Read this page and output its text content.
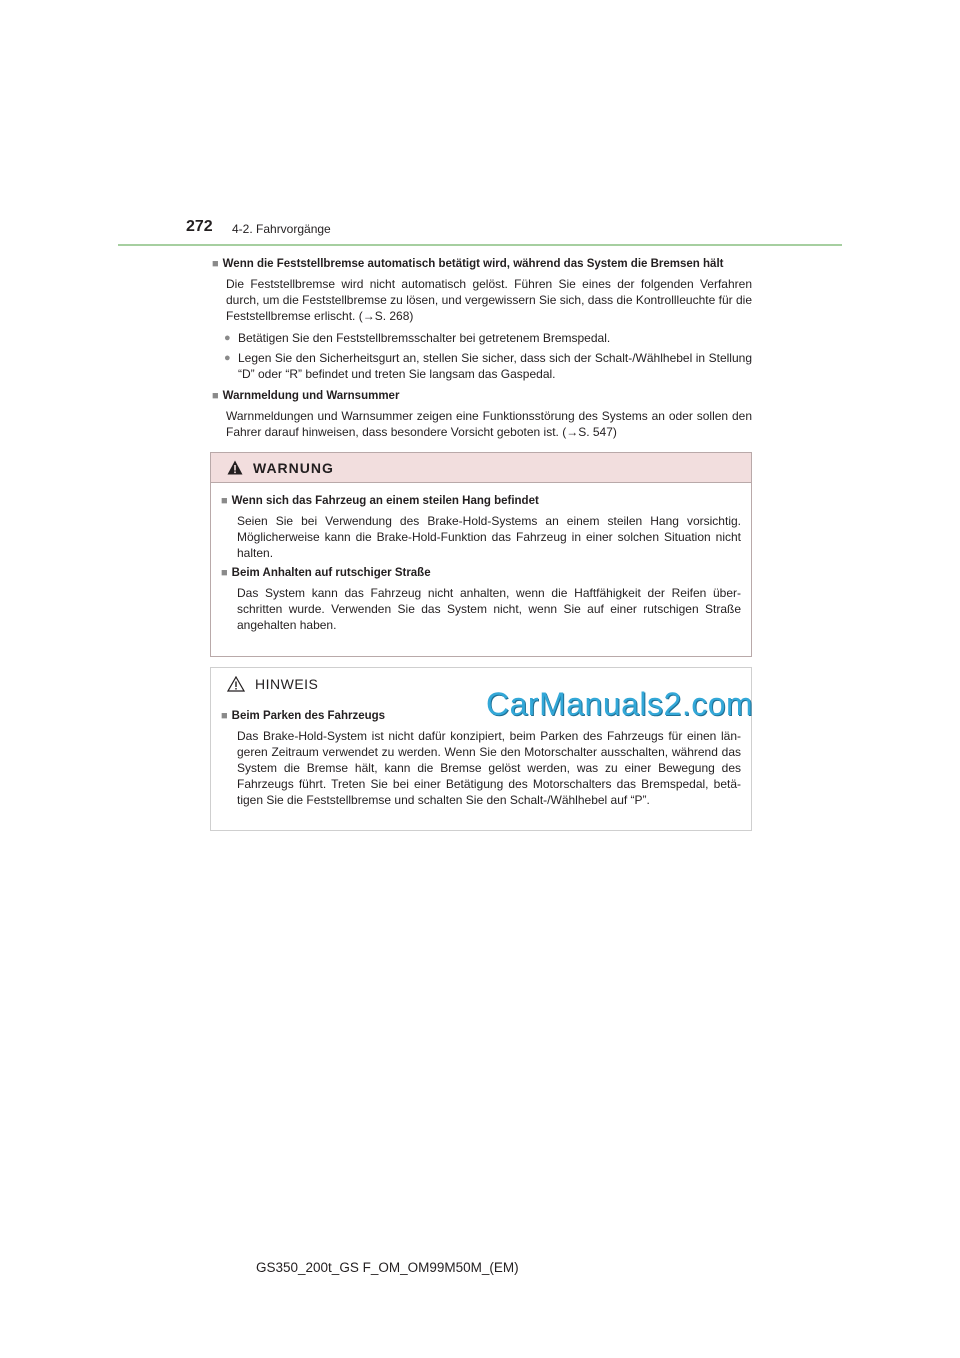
272 4-2. Fahrvorgänge
■ Wenn die Feststellbremse automatisch betätigt wird, während das System die Bremsen hält

Die Feststellbremse wird nicht automatisch gelöst. Führen Sie eines der folgenden Verfahren durch, um die Feststellbremse zu lösen, und vergewissern Sie sich, dass die Kontrollleuchte für die Feststellbremse erlischt. (→S. 268)

● Betätigen Sie den Feststellbremsschalter bei getretenem Bremspedal.
● Legen Sie den Sicherheitsgurt an, stellen Sie sicher, dass sich der Schalt-/Wählhebel in Stellung “D” oder “R” befindet und treten Sie langsam das Gaspedal.
■ Warnmeldung und Warnsummer

Warnmeldungen und Warnsummer zeigen eine Funktionsstörung des Systems an oder sollen den Fahrer darauf hinweisen, dass besondere Vorsicht geboten ist. (→S. 547)

WARNUNG
■ Wenn sich das Fahrzeug an einem steilen Hang befindet

Seien Sie bei Verwendung des Brake-Hold-Systems an einem steilen Hang vorsichtig. Möglicherweise kann die Brake-Hold-Funktion das Fahrzeug in einer solchen Situation nicht halten.

■ Beim Anhalten auf rutschiger Straße

Das System kann das Fahrzeug nicht anhalten, wenn die Haftfähigkeit der Reifen über-schritten wurde. Verwenden Sie das System nicht, wenn Sie auf einer rutschigen Straße angehalten haben.

HINWEIS
■ Beim Parken des Fahrzeugs

Das Brake-Hold-System ist nicht dafür konzipiert, beim Parken des Fahrzeugs für einen län-geren Zeitraum verwendet zu werden. Wenn Sie den Motorschalter ausschalten, während das System die Bremse hält, kann die Bremse gelöst werden, was zu einer Bewegung des Fahrzeugs führt. Treten Sie bei einer Betätigung des Motorschalters das Bremspedal, betä-tigen Sie die Feststellbremse und schalten Sie den Schalt-/Wählhebel auf “P”.

CarManuals2.com
GS350_200t_GS F_OM_OM99M50M_(EM)
